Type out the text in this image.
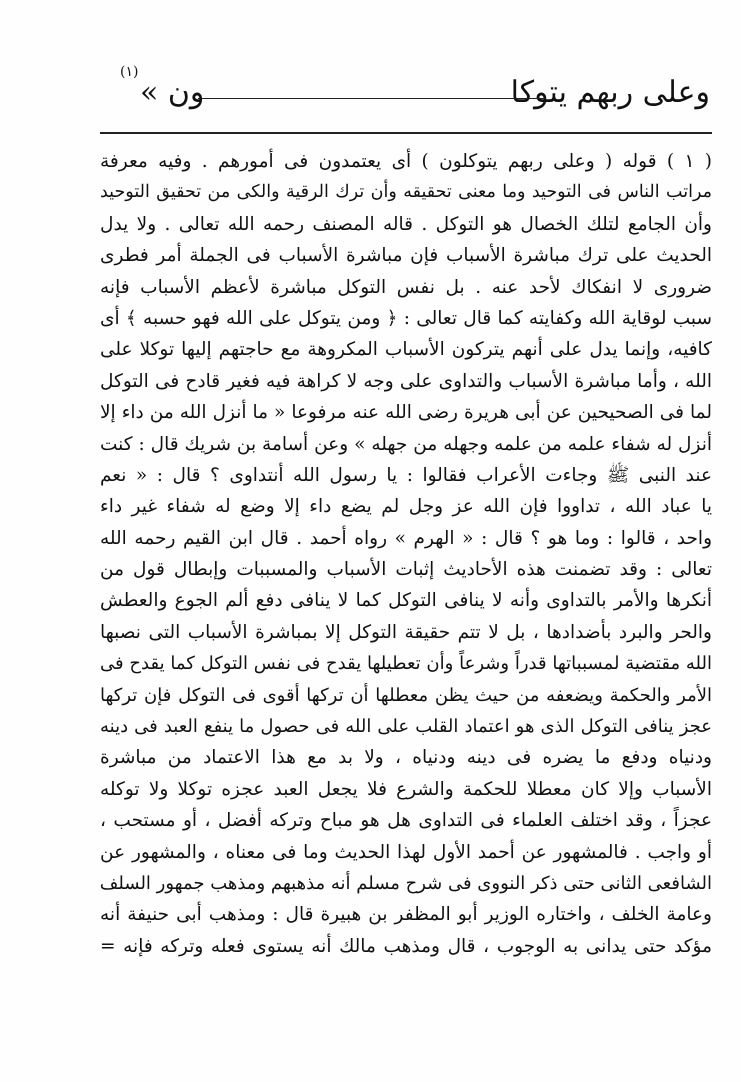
وعلى ربهم يتوكا
ون »
(١)
( ١ ) قوله ( وعلى ربهم يتوكلون ) أى يعتمدون فى أمورهم . وفيه معرفة
مراتب الناس فى التوحيد وما معنى تحقيقه وأن ترك الرقية والكى من تحقيق التوحيد
وأن الجامع لتلك الخصال هو التوكل . قاله المصنف رحمه الله تعالى . ولا يدل
الحديث على ترك مباشرة الأسباب فإن مباشرة الأسباب فى الجملة أمر فطرى
ضرورى لا انفكاك لأحد عنه . بل نفس التوكل مباشرة لأعظم الأسباب فإنه
سبب لوقاية الله وكفايته كما قال تعالى : ﴿ ومن يتوكل على الله فهو حسبه ﴾ أى
كافيه، وإنما يدل على أنهم يتركون الأسباب المكروهة مع حاجتهم إليها توكلا على
الله ، وأما مباشرة الأسباب والتداوى على وجه لا كراهة فيه فغير قادح فى التوكل
لما فى الصحيحين عن أبى هريرة رضى الله عنه مرفوعا « ما أنزل الله من داء إلا
أنزل له شفاء علمه من علمه وجهله من جهله » وعن أسامة بن شريك قال : كنت
عند النبى ﷺ وجاءت الأعراب فقالوا : يا رسول الله أنتداوى ؟ قال : « نعم
يا عباد الله ، تداووا فإن الله عز وجل لم يضع داء إلا وضع له شفاء غير داء
واحد ، قالوا : وما هو ؟ قال : « الهرم » رواه أحمد . قال ابن القيم رحمه الله
تعالى : وقد تضمنت هذه الأحاديث إثبات الأسباب والمسببات وإبطال قول من
أنكرها والأمر بالتداوى وأنه لا ينافى التوكل كما لا ينافى دفع ألم الجوع والعطش
والحر والبرد بأضدادها ، بل لا تتم حقيقة التوكل إلا بمباشرة الأسباب التى نصبها
الله مقتضية لمسبباتها قدراً وشرعاً وأن تعطيلها يقدح فى نفس التوكل كما يقدح فى
الأمر والحكمة ويضعفه من حيث يظن معطلها أن تركها أقوى فى التوكل فإن تركها
عجز ينافى التوكل الذى هو اعتماد القلب على الله فى حصول ما ينفع العبد فى دينه
ودنياه ودفع ما يضره فى دينه ودنياه ، ولا بد مع هذا الاعتماد من مباشرة
الأسباب وإلا كان معطلا للحكمة والشرع فلا يجعل العبد عجزه توكلا ولا توكله
عجزاً ، وقد اختلف العلماء فى التداوى هل هو مباح وتركه أفضل ، أو مستحب ،
أو واجب . فالمشهور عن أحمد الأول لهذا الحديث وما فى معناه ، والمشهور عن
الشافعى الثانى حتى ذكر النووى فى شرح مسلم أنه مذهبهم ومذهب جمهور السلف
وعامة الخلف ، واختاره الوزير أبو المظفر بن هبيرة قال : ومذهب أبى حنيفة أنه
مؤكد حتى يدانى به الوجوب ، قال ومذهب مالك أنه يستوى فعله وتركه فإنه =
